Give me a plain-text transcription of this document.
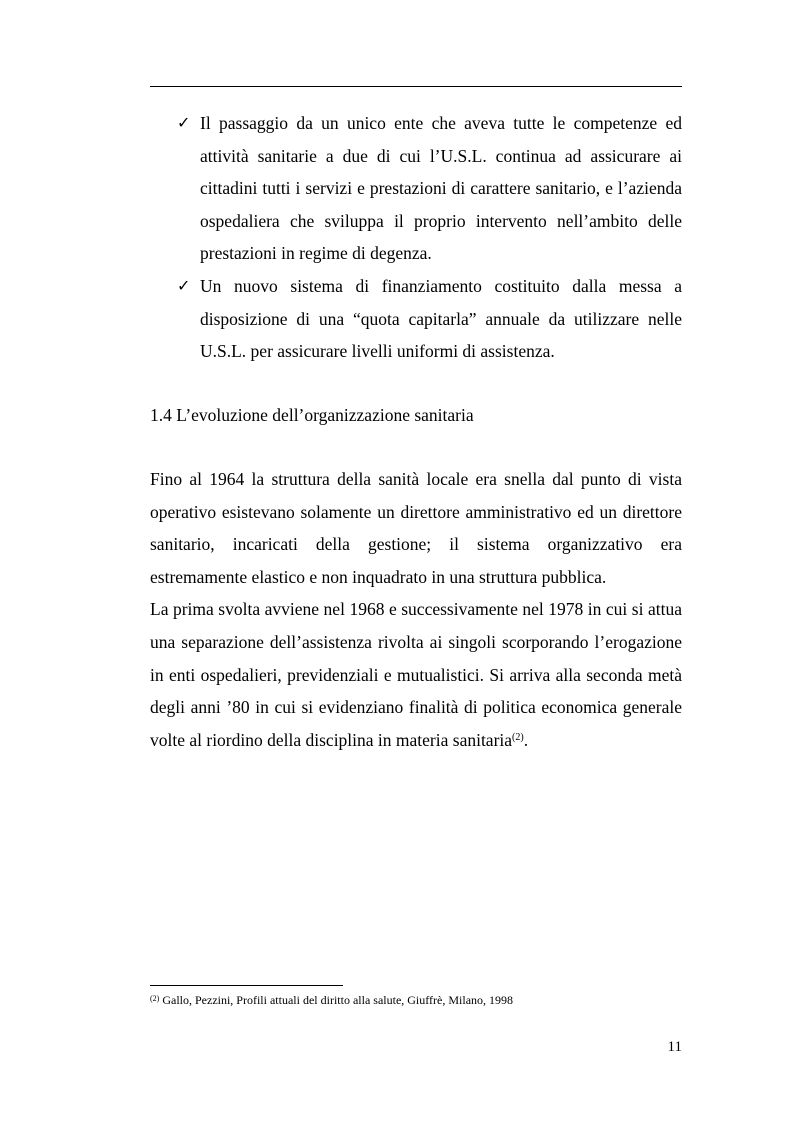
✓ Il passaggio da un unico ente che aveva tutte le competenze ed attività sanitarie a due di cui l’U.S.L. continua ad assicurare ai cittadini tutti i servizi e prestazioni di carattere sanitario, e l’azienda ospedaliera che sviluppa il proprio intervento nell’ambito delle prestazioni in regime di degenza.
✓ Un nuovo sistema di finanziamento costituito dalla messa a disposizione di una “quota capitarla” annuale da utilizzare nelle U.S.L. per assicurare livelli uniformi di assistenza.
1.4 L’evoluzione dell’organizzazione sanitaria

Fino al 1964 la struttura della sanità locale era snella dal punto di vista operativo esistevano solamente un direttore amministrativo ed un direttore sanitario, incaricati della gestione; il sistema organizzativo era estremamente elastico e non inquadrato in una struttura pubblica.

La prima svolta avviene nel 1968 e successivamente nel 1978 in cui si attua una separazione dell’assistenza rivolta ai singoli scorporando l’erogazione in enti ospedalieri, previdenziali e mutualistici. Si arriva alla seconda metà degli anni ’80 in cui si evidenziano finalità di politica economica generale volte al riordino della disciplina in materia sanitaria$^{(2)}$.

$^{(2)}$ Gallo, Pezzini, Profili attuali del diritto alla salute, Giuffrè, Milano, 1998
11
